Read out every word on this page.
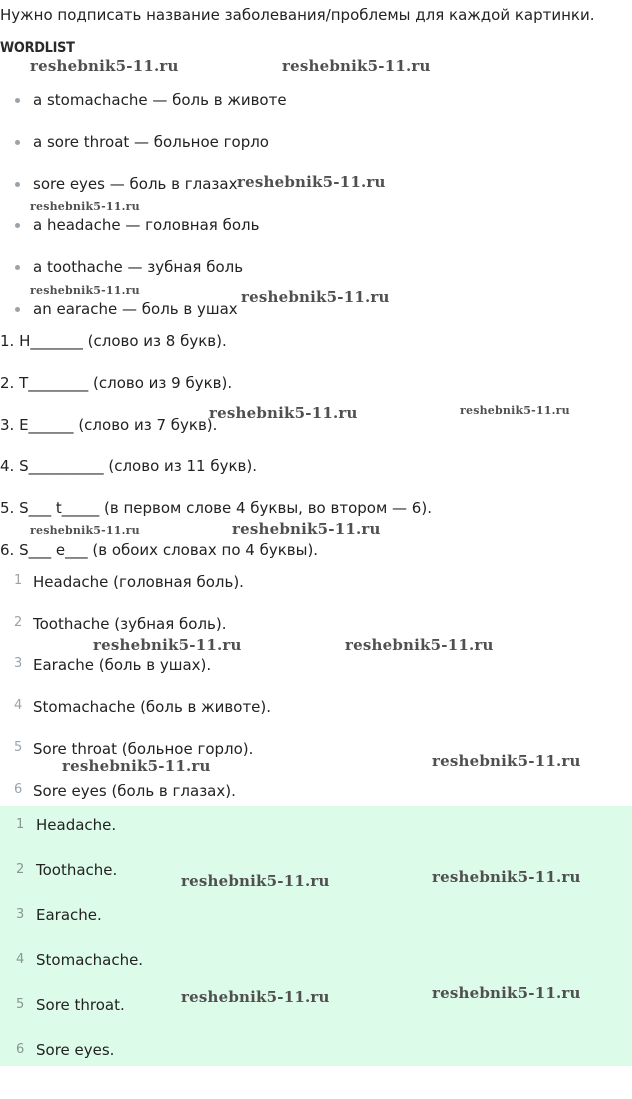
Нужно подписать название заболевания/проблемы для каждой картинки.
WORDLIST
a stomachache — боль в животе
a sore throat — больное горло
sore eyes — боль в глазах
a headache — головная боль
a toothache — зубная боль
an earache — боль в ушах
1. H_______ (слово из 8 букв).
2. T________ (слово из 9 букв).
3. E______ (слово из 7 букв).
4. S__________ (слово из 11 букв).
5. S___ t_____ (в первом слове 4 буквы, во втором — 6).
6. S___ e___ (в обоих словах по 4 буквы).
1 Headache (головная боль).
2 Toothache (зубная боль).
3 Earache (боль в ушах).
4 Stomachache (боль в животе).
5 Sore throat (больное горло).
6 Sore eyes (боль в глазах).
1 Headache.
2 Toothache.
3 Earache.
4 Stomachache.
5 Sore throat.
6 Sore eyes.
reshebnik5-11.ru	reshebnik5-11.ru
reshebnik5-11.ru
reshebnik5-11.ru
reshebnik5-11.ru	reshebnik5-11.ru
reshebnik5-11.ru	reshebnik5-11.ru
reshebnik5-11.ru	reshebnik5-11.ru
reshebnik5-11.ru	reshebnik5-11.ru
reshebnik5-11.ru	reshebnik5-11.ru
reshebnik5-11.ru	reshebnik5-11.ru
reshebnik5-11.ru	reshebnik5-11.ru
